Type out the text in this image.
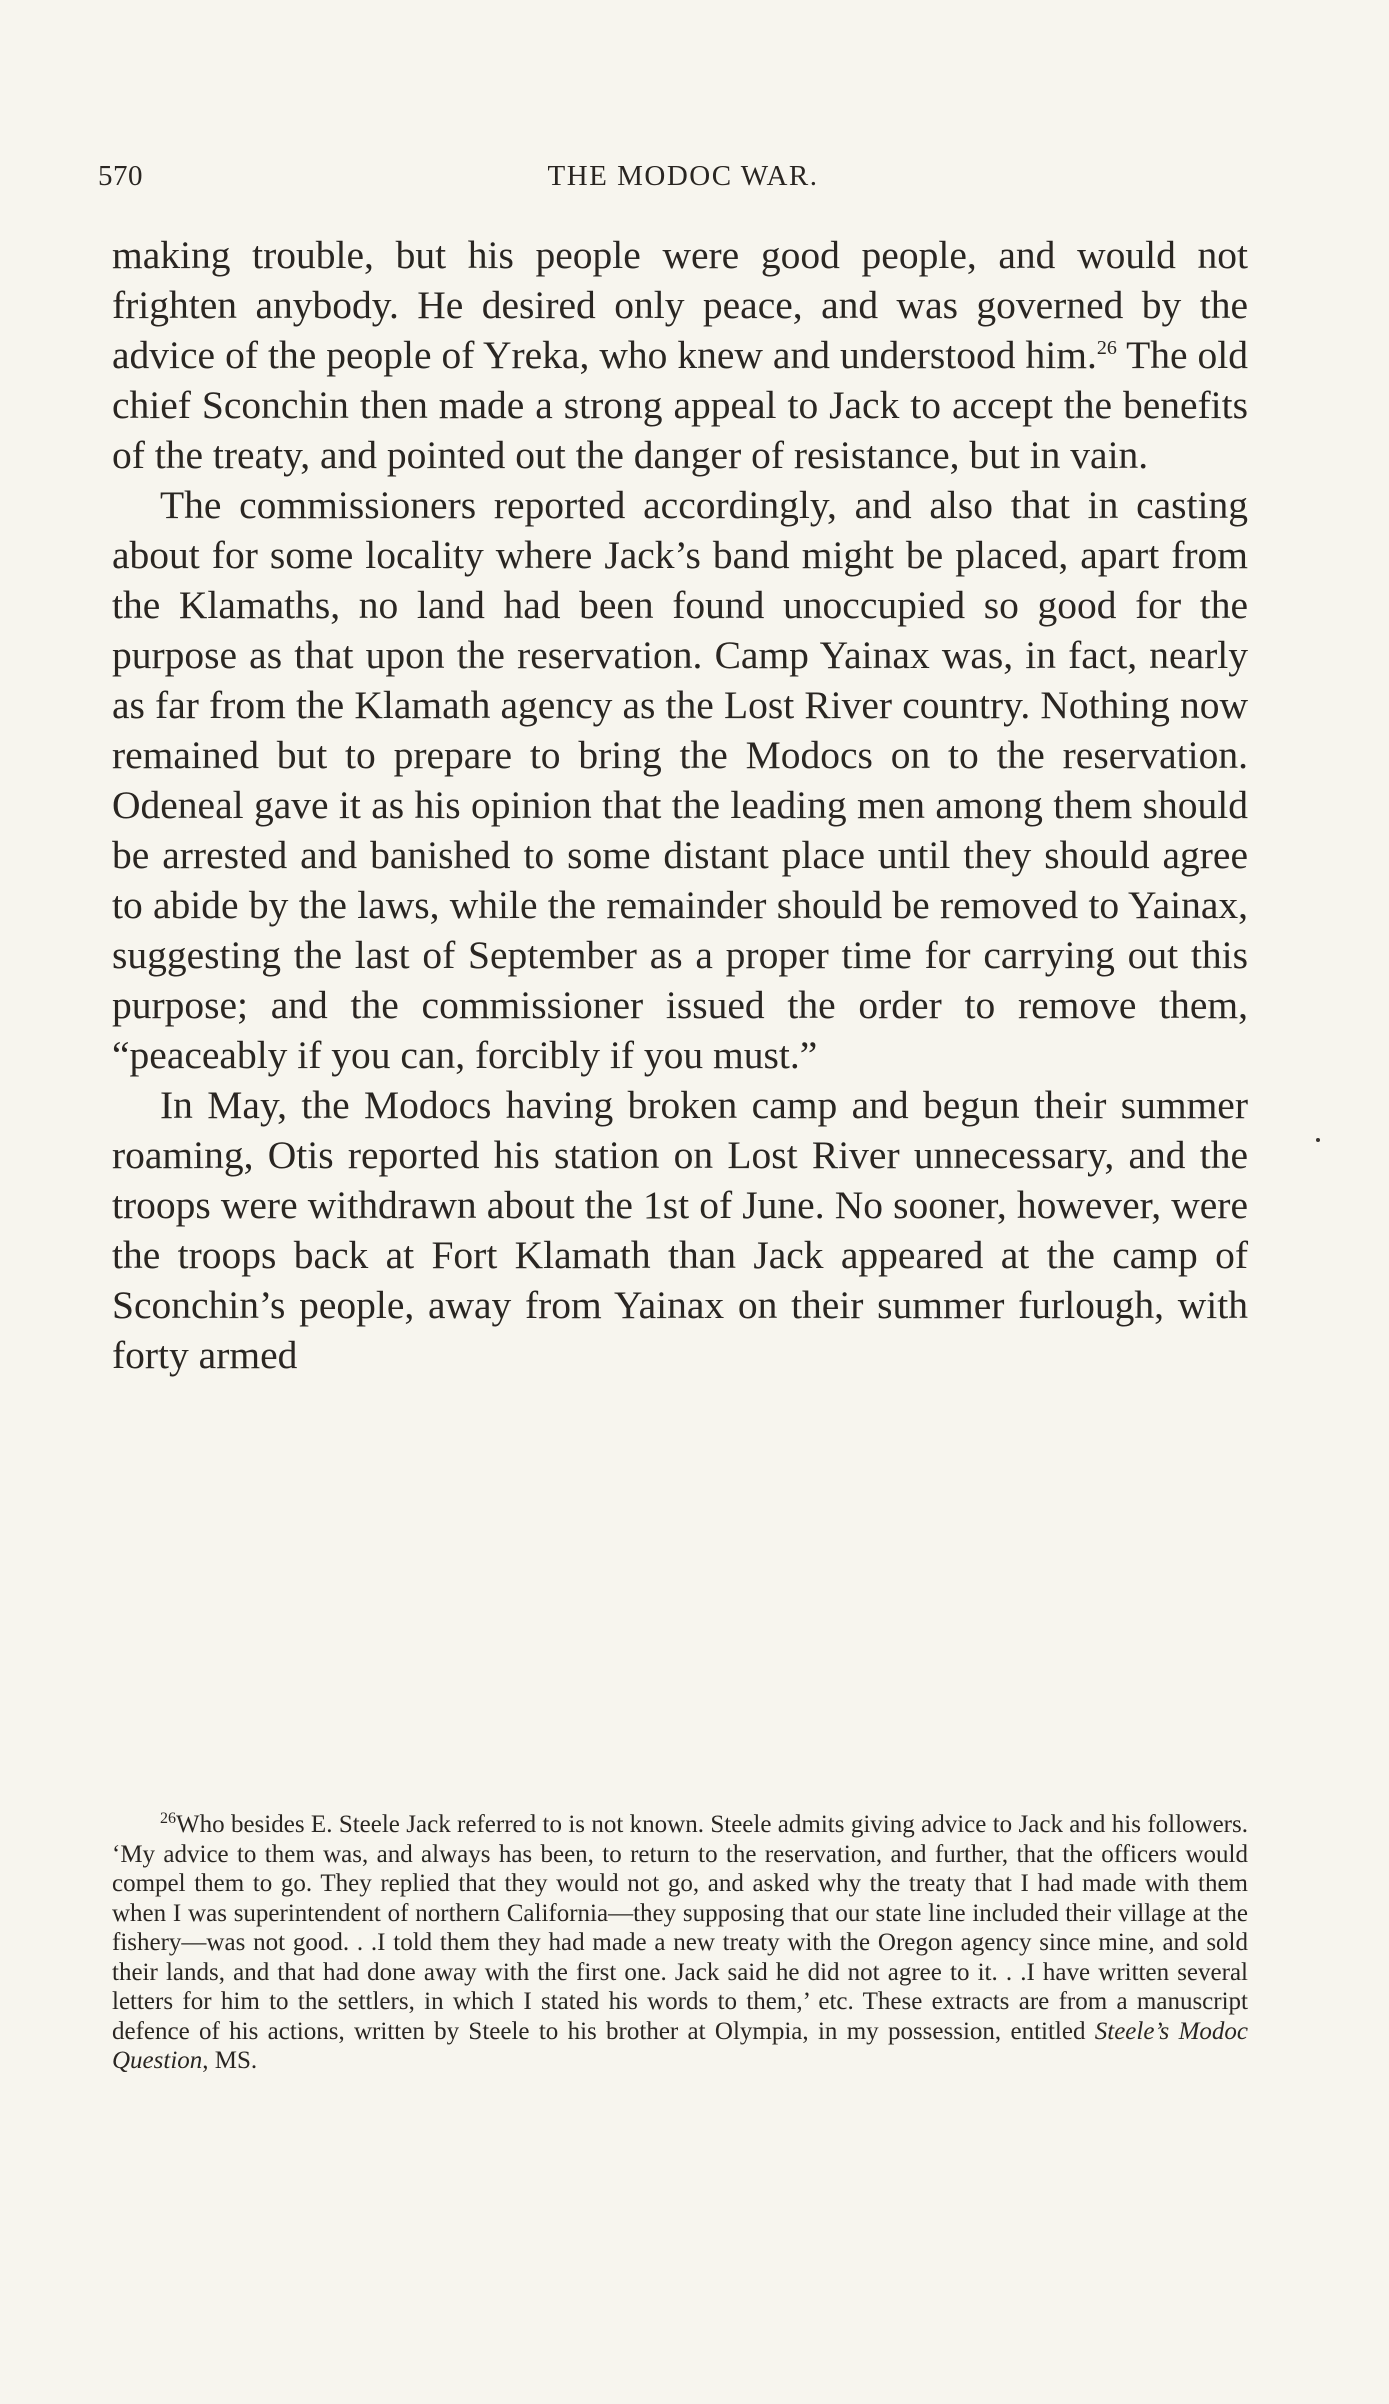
570	THE MODOC WAR.

making trouble, but his people were good people, and would not frighten anybody. He desired only peace, and was governed by the advice of the people of Yreka, who knew and understood him.$^{26}$ The old chief Sconchin then made a strong appeal to Jack to accept the benefits of the treaty, and pointed out the danger of resistance, but in vain.

The commissioners reported accordingly, and also that in casting about for some locality where Jack’s band might be placed, apart from the Klamaths, no land had been found unoccupied so good for the purpose as that upon the reservation. Camp Yainax was, in fact, nearly as far from the Klamath agency as the Lost River country. Nothing now remained but to prepare to bring the Modocs on to the reservation. Odeneal gave it as his opinion that the leading men among them should be arrested and banished to some distant place until they should agree to abide by the laws, while the remainder should be removed to Yainax, suggesting the last of September as a proper time for carrying out this purpose; and the commissioner issued the order to remove them, “peaceably if you can, forcibly if you must.”

In May, the Modocs having broken camp and begun their summer roaming, Otis reported his station on Lost River unnecessary, and the troops were withdrawn about the 1st of June. No sooner, however, were the troops back at Fort Klamath than Jack appeared at the camp of Sconchin’s people, away from Yainax on their summer furlough, with forty armed

$^{26}$Who besides E. Steele Jack referred to is not known. Steele admits giving advice to Jack and his followers. ‘My advice to them was, and always has been, to return to the reservation, and further, that the officers would compel them to go. They replied that they would not go, and asked why the treaty that I had made with them when I was superintendent of northern California—they supposing that our state line included their village at the fishery—was not good. . .I told them they had made a new treaty with the Oregon agency since mine, and sold their lands, and that had done away with the first one. Jack said he did not agree to it. . .I have written several letters for him to the settlers, in which I stated his words to them,’ etc. These extracts are from a manuscript defence of his actions, written by Steele to his brother at Olympia, in my possession, entitled Steele’s Modoc Question, MS.
